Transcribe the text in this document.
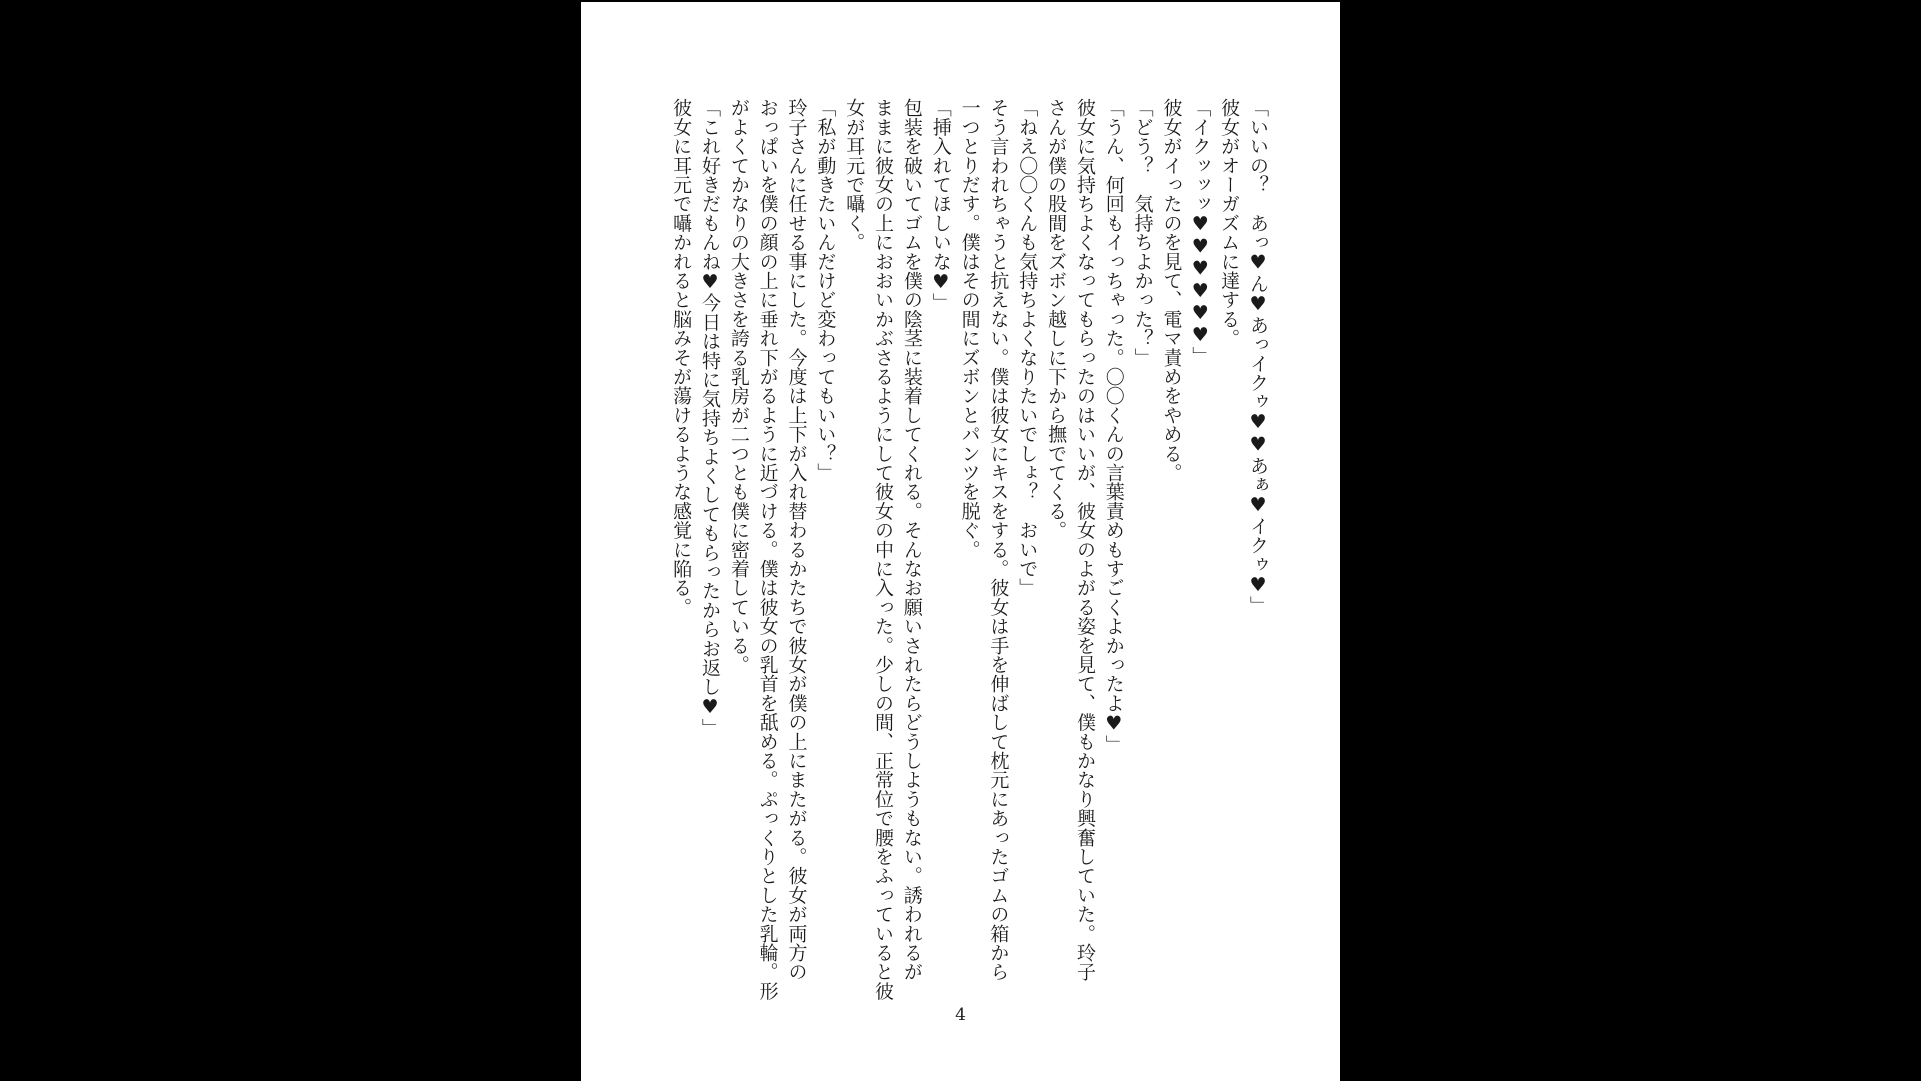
「いいの？　あっ♥ん♥あっイクゥ♥♥あぁ♥イクゥ♥」
彼女がオーガズムに達する。
「イクッッッ♥♥♥♥♥♥」
彼女がイったのを見て、電マ責めをやめる。
「どう？　気持ちよかった？」
「うん、何回もイっちゃった。〇〇くんの言葉責めもすごくよかったよ♥」
彼女に気持ちよくなってもらったのはいいが、彼女のよがる姿を見て、僕もかなり興奮していた。玲子
さんが僕の股間をズボン越しに下から撫でてくる。
「ねえ〇〇くんも気持ちよくなりたいでしょ？　おいで」
そう言われちゃうと抗えない。僕は彼女にキスをする。彼女は手を伸ばして枕元にあったゴムの箱から
一つとりだす。僕はその間にズボンとパンツを脱ぐ。
「挿入れてほしいな♥」
包装を破いてゴムを僕の陰茎に装着してくれる。そんなお願いされたらどうしようもない。誘われるが
ままに彼女の上におおいかぶさるようにして彼女の中に入った。少しの間、正常位で腰をふっていると彼
女が耳元で囁く。
「私が動きたいんだけど変わってもいい？」
玲子さんに任せる事にした。今度は上下が入れ替わるかたちで彼女が僕の上にまたがる。彼女が両方の
おっぱいを僕の顔の上に垂れ下がるように近づける。僕は彼女の乳首を舐める。ぷっくりとした乳輪。形
がよくてかなりの大きさを誇る乳房が二つとも僕に密着している。
「これ好きだもんね♥今日は特に気持ちよくしてもらったからお返し♥」
彼女に耳元で囁かれると脳みそが蕩けるような感覚に陥る。
4
